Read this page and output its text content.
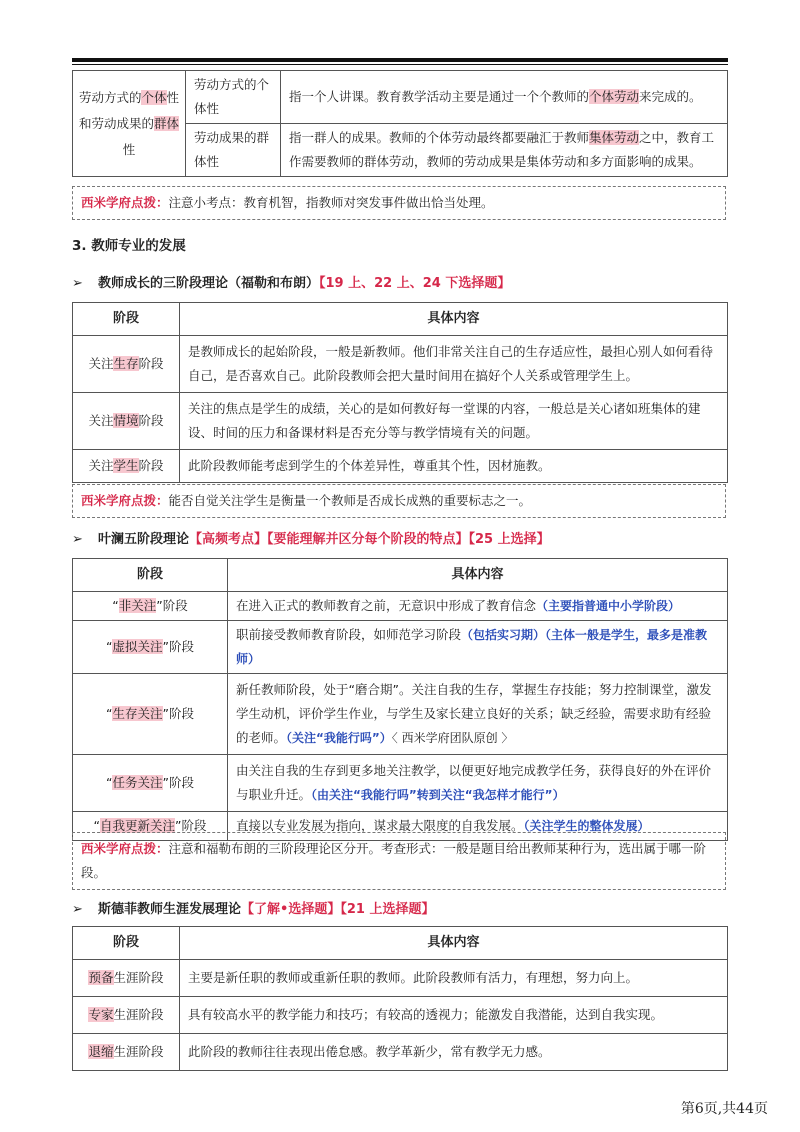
劳动方式的个体性和劳动成果的群体性	劳动方式的个体性	指一个人讲课。教育教学活动主要是通过一个个教师的个体劳动来完成的。
	劳动成果的群体性	指一群人的成果。教师的个体劳动最终都要融汇于教师集体劳动之中，教育工作需要教师的群体劳动，教师的劳动成果是集体劳动和多方面影响的成果。
西米学府点拨：注意小考点：教育机智，指教师对突发事件做出恰当处理。
3. 教师专业的发展
➢ 教师成长的三阶段理论（福勒和布朗）【19 上、22 上、24 下选择题】
阶段	具体内容
关注生存阶段	是教师成长的起始阶段，一般是新教师。他们非常关注自己的生存适应性，最担心别人如何看待自己，是否喜欢自己。此阶段教师会把大量时间用在搞好个人关系或管理学生上。
关注情境阶段	关注的焦点是学生的成绩，关心的是如何教好每一堂课的内容，一般总是关心诸如班集体的建设、时间的压力和备课材料是否充分等与教学情境有关的问题。
关注学生阶段	此阶段教师能考虑到学生的个体差异性，尊重其个性，因材施教。
西米学府点拨：能否自觉关注学生是衡量一个教师是否成长成熟的重要标志之一。
➢ 叶澜五阶段理论【高频考点】【要能理解并区分每个阶段的特点】【25 上选择】
阶段	具体内容
“非关注”阶段	在进入正式的教师教育之前，无意识中形成了教育信念（主要指普通中小学阶段）
“虚拟关注”阶段	职前接受教师教育阶段，如师范学习阶段（包括实习期）（主体一般是学生，最多是准教师）
“生存关注”阶段	新任教师阶段，处于“磨合期”。关注自我的生存，掌握生存技能；努力控制课堂，激发学生动机，评价学生作业，与学生及家长建立良好的关系；缺乏经验，需要求助有经验的老师。（关注“我能行吗”）〈 西米学府团队原创 〉
“任务关注”阶段	由关注自我的生存到更多地关注教学，以便更好地完成教学任务，获得良好的外在评价与职业升迁。（由关注“我能行吗”转到关注“我怎样才能行”）
“自我更新关注”阶段	直接以专业发展为指向，谋求最大限度的自我发展。（关注学生的整体发展）
西米学府点拨：注意和福勒布朗的三阶段理论区分开。考查形式：一般是题目给出教师某种行为，选出属于哪一阶段。
➢ 斯德菲教师生涯发展理论【了解•选择题】【21 上选择题】
阶段	具体内容
预备生涯阶段	主要是新任职的教师或重新任职的教师。此阶段教师有活力，有理想，努力向上。
专家生涯阶段	具有较高水平的教学能力和技巧；有较高的透视力；能激发自我潜能，达到自我实现。
退缩生涯阶段	此阶段的教师往往表现出倦怠感。教学革新少，常有教学无力感。
第6页,共44页
